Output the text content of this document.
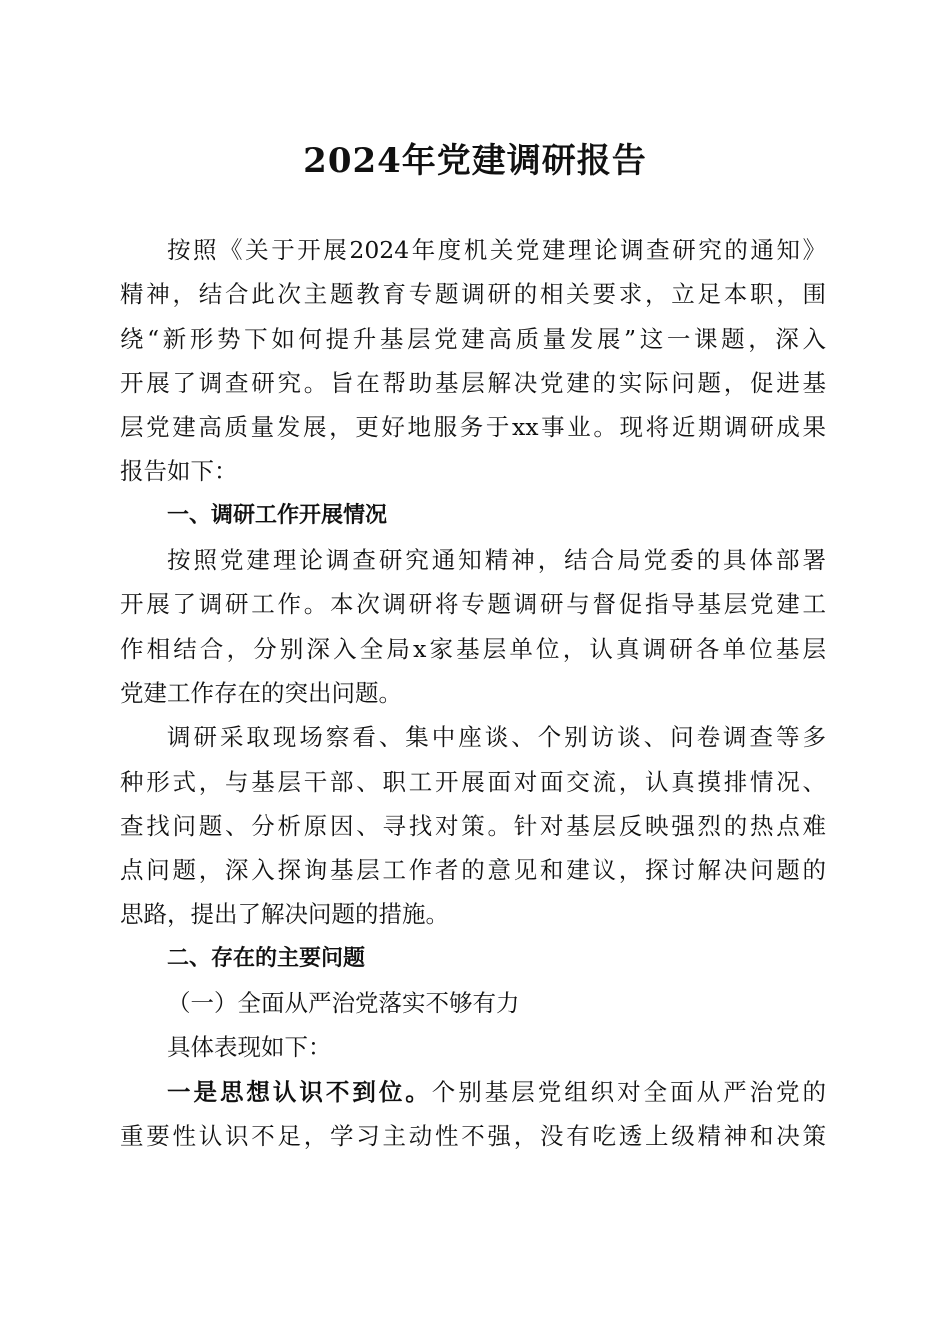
2024年党建调研报告
按照《关于开展2024年度机关党建理论调查研究的通知》
精神，结合此次主题教育专题调研的相关要求，立足本职，围
绕“新形势下如何提升基层党建高质量发展”这一课题，深入
开展了调查研究。旨在帮助基层解决党建的实际问题，促进基
层党建高质量发展，更好地服务于xx事业。现将近期调研成果
报告如下：
一、调研工作开展情况
按照党建理论调查研究通知精神，结合局党委的具体部署
开展了调研工作。本次调研将专题调研与督促指导基层党建工
作相结合，分别深入全局x家基层单位，认真调研各单位基层
党建工作存在的突出问题。
调研采取现场察看、集中座谈、个别访谈、问卷调查等多
种形式，与基层干部、职工开展面对面交流，认真摸排情况、
查找问题、分析原因、寻找对策。针对基层反映强烈的热点难
点问题，深入探询基层工作者的意见和建议，探讨解决问题的
思路，提出了解决问题的措施。
二、存在的主要问题
（一）全面从严治党落实不够有力
具体表现如下：
一是思想认识不到位。个别基层党组织对全面从严治党的
重要性认识不足，学习主动性不强，没有吃透上级精神和决策
